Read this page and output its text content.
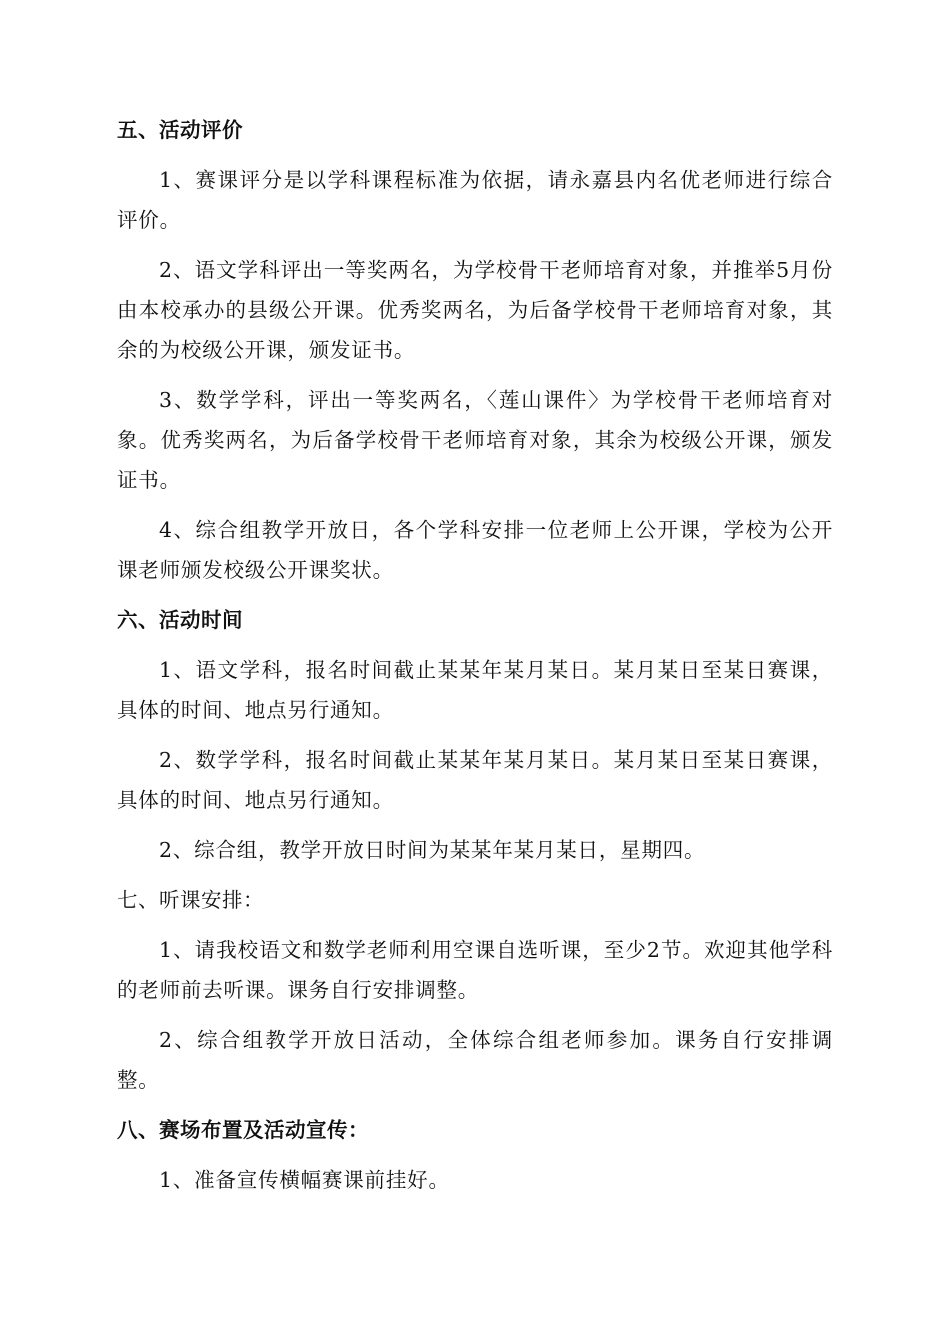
五、活动评价

1、赛课评分是以学科课程标准为依据，请永嘉县内名优老师进行综合评价。

2、语文学科评出一等奖两名，为学校骨干老师培育对象，并推举5月份由本校承办的县级公开课。优秀奖两名，为后备学校骨干老师培育对象，其余的为校级公开课，颁发证书。

3、数学学科，评出一等奖两名，〈莲山课件〉为学校骨干老师培育对象。优秀奖两名，为后备学校骨干老师培育对象，其余为校级公开课，颁发证书。

4、综合组教学开放日，各个学科安排一位老师上公开课，学校为公开课老师颁发校级公开课奖状。

六、活动时间

1、语文学科，报名时间截止某某年某月某日。某月某日至某日赛课，具体的时间、地点另行通知。

2、数学学科，报名时间截止某某年某月某日。某月某日至某日赛课，具体的时间、地点另行通知。

2、综合组，教学开放日时间为某某年某月某日，星期四。

七、听课安排：

1、请我校语文和数学老师利用空课自选听课，至少2节。欢迎其他学科的老师前去听课。课务自行安排调整。

2、综合组教学开放日活动，全体综合组老师参加。课务自行安排调整。

八、赛场布置及活动宣传：

1、准备宣传横幅赛课前挂好。
